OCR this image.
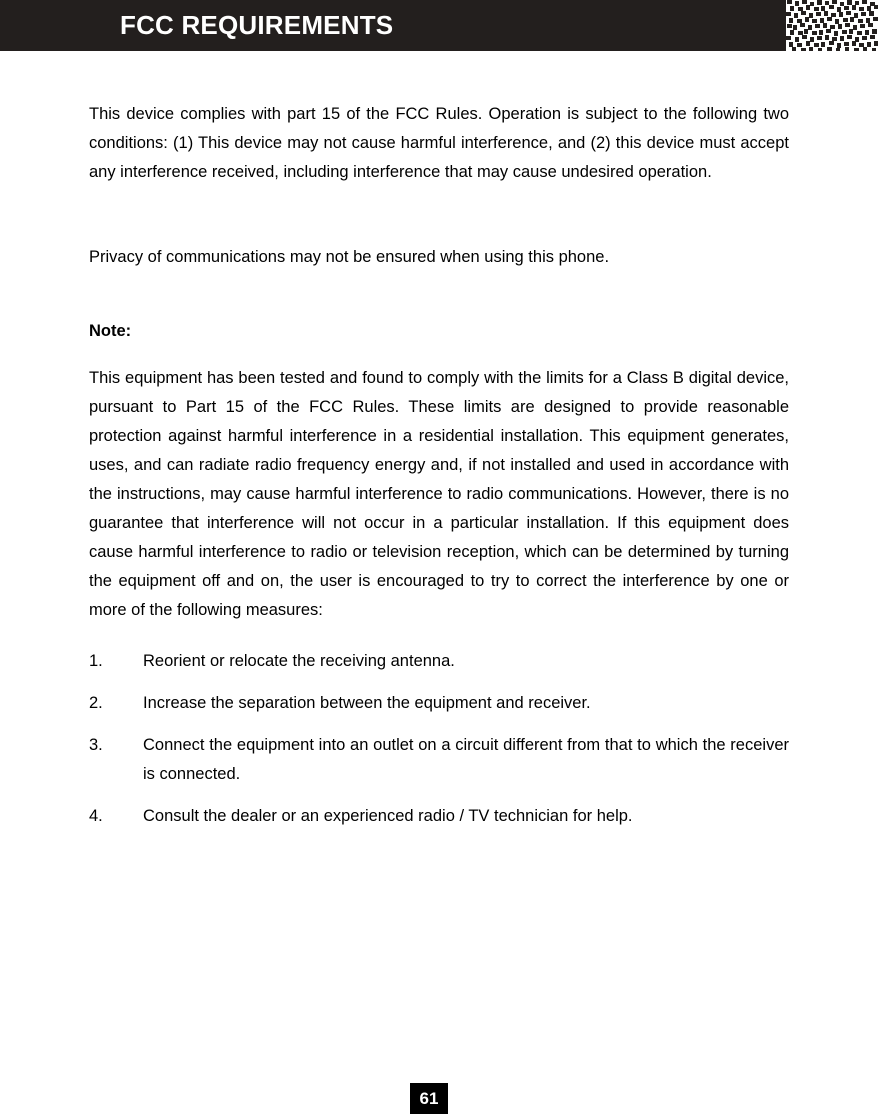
FCC REQUIREMENTS

This device complies with part 15 of the FCC Rules. Operation is subject to the following two conditions: (1) This device may not cause harmful interference, and (2) this device must accept any interference received, including interference that may cause undesired operation.

Privacy of communications may not be ensured when using this phone.

Note:

This equipment has been tested and found to comply with the limits for a Class B digital device, pursuant to Part 15 of the FCC Rules. These limits are designed to provide reasonable protection against harmful interference in a residential installation. This equipment generates, uses, and can radiate radio frequency energy and, if not installed and used in accordance with the instructions, may cause harmful interference to radio communications. However, there is no guarantee that interference will not occur in a particular installation. If this equipment does cause harmful interference to radio or television reception, which can be determined by turning the equipment off and on, the user is encouraged to try to correct the interference by one or more of the following measures:

1.	Reorient or relocate the receiving antenna.
2.	Increase the separation between the equipment and receiver.
3.	Connect the equipment into an outlet on a circuit different from that to which the receiver is connected.
4.	Consult the dealer or an experienced radio / TV technician for help.
61
